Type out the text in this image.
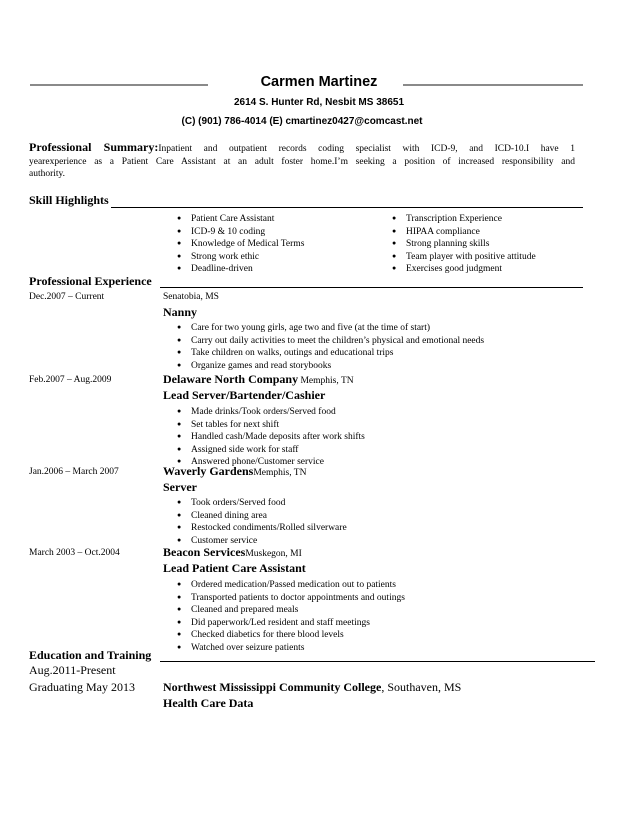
Carmen Martinez
2614 S. Hunter Rd, Nesbit MS 38651
(C) (901) 786-4014 (E) cmartinez0427@comcast.net
Professional Summary:Inpatient and outpatient records coding specialist with ICD-9, and ICD-10.I have 1
yearexperience as a Patient Care Assistant at an adult foster home.I’m seeking a position of increased responsibility and
authority.
Skill Highlights
● Patient Care Assistant
● ICD-9 & 10 coding
● Knowledge of Medical Terms
● Strong work ethic
● Deadline-driven
● Transcription Experience
● HIPAA compliance
● Strong planning skills
● Team player with positive attitude
● Exercises good judgment
Professional Experience
Dec.2007 – Current	Senatobia, MS
Nanny
● Care for two young girls, age two and five (at the time of start)
● Carry out daily activities to meet the children’s physical and emotional needs
● Take children on walks, outings and educational trips
● Organize games and read storybooks
Feb.2007 – Aug.2009	Delaware North Company Memphis, TN
Lead Server/Bartender/Cashier
● Made drinks/Took orders/Served food
● Set tables for next shift
● Handled cash/Made deposits after work shifts
● Assigned side work for staff
● Answered phone/Customer service
Jan.2006 – March 2007	Waverly GardensMemphis, TN
Server
● Took orders/Served food
● Cleaned dining area
● Restocked condiments/Rolled silverware
● Customer service
March 2003 – Oct.2004	Beacon ServicesMuskegon, MI
Lead Patient Care Assistant
● Ordered medication/Passed medication out to patients
● Transported patients to doctor appointments and outings
● Cleaned and prepared meals
● Did paperwork/Led resident and staff meetings
● Checked diabetics for there blood levels
● Watched over seizure patients
Education and Training
Aug.2011-Present
Graduating May 2013 Northwest Mississippi Community College, Southaven, MS
Health Care Data
